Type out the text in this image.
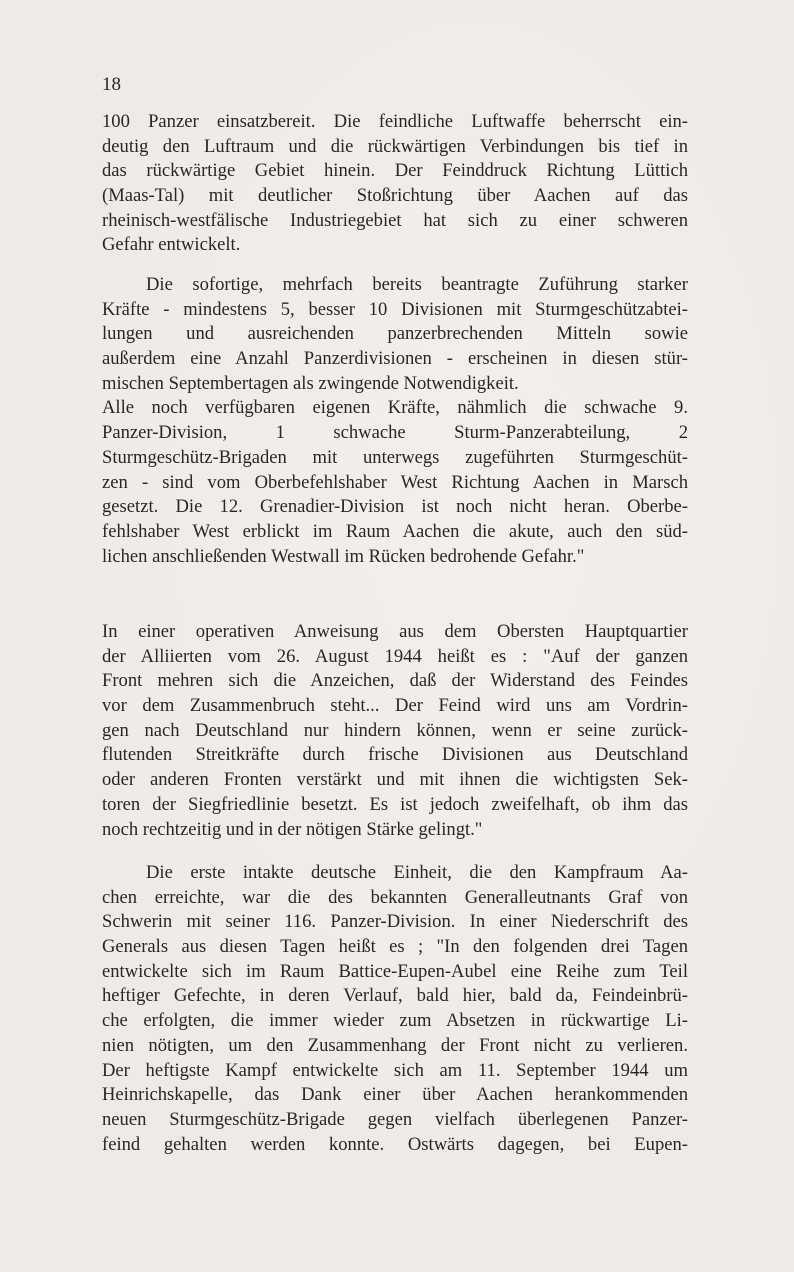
18
100 Panzer einsatzbereit. Die feindliche Luftwaffe beherrscht ein-
deutig den Luftraum und die rückwärtigen Verbindungen bis tief in
das rückwärtige Gebiet hinein. Der Feinddruck Richtung Lüttich
(Maas-Tal) mit deutlicher Stoßrichtung über Aachen auf das
rheinisch-westfälische Industriegebiet hat sich zu einer schweren
Gefahr entwickelt.
Die sofortige, mehrfach bereits beantragte Zuführung starker
Kräfte - mindestens 5, besser 10 Divisionen mit Sturmgeschützabtei-
lungen und ausreichenden panzerbrechenden Mitteln sowie
außerdem eine Anzahl Panzerdivisionen - erscheinen in diesen stür-
mischen Septembertagen als zwingende Notwendigkeit.
Alle noch verfügbaren eigenen Kräfte, nähmlich die schwache 9.
Panzer-Division, 1 schwache Sturm-Panzerabteilung, 2
Sturmgeschütz-Brigaden mit unterwegs zugeführten Sturmgeschüt-
zen - sind vom Oberbefehlshaber West Richtung Aachen in Marsch
gesetzt. Die 12. Grenadier-Division ist noch nicht heran. Oberbe-
fehlshaber West erblickt im Raum Aachen die akute, auch den süd-
lichen anschließenden Westwall im Rücken bedrohende Gefahr."
In einer operativen Anweisung aus dem Obersten Hauptquartier
der Alliierten vom 26. August 1944 heißt es : "Auf der ganzen
Front mehren sich die Anzeichen, daß der Widerstand des Feindes
vor dem Zusammenbruch steht... Der Feind wird uns am Vordrin-
gen nach Deutschland nur hindern können, wenn er seine zurück-
flutenden Streitkräfte durch frische Divisionen aus Deutschland
oder anderen Fronten verstärkt und mit ihnen die wichtigsten Sek-
toren der Siegfriedlinie besetzt. Es ist jedoch zweifelhaft, ob ihm das
noch rechtzeitig und in der nötigen Stärke gelingt."
Die erste intakte deutsche Einheit, die den Kampfraum Aa-
chen erreichte, war die des bekannten Generalleutnants Graf von
Schwerin mit seiner 116. Panzer-Division. In einer Niederschrift des
Generals aus diesen Tagen heißt es ; "In den folgenden drei Tagen
entwickelte sich im Raum Battice-Eupen-Aubel eine Reihe zum Teil
heftiger Gefechte, in deren Verlauf, bald hier, bald da, Feindeinbrü-
che erfolgten, die immer wieder zum Absetzen in rückwartige Li-
nien nötigten, um den Zusammenhang der Front nicht zu verlieren.
Der heftigste Kampf entwickelte sich am 11. September 1944 um
Heinrichskapelle, das Dank einer über Aachen herankommenden
neuen Sturmgeschütz-Brigade gegen vielfach überlegenen Panzer-
feind gehalten werden konnte. Ostwärts dagegen, bei Eupen-
